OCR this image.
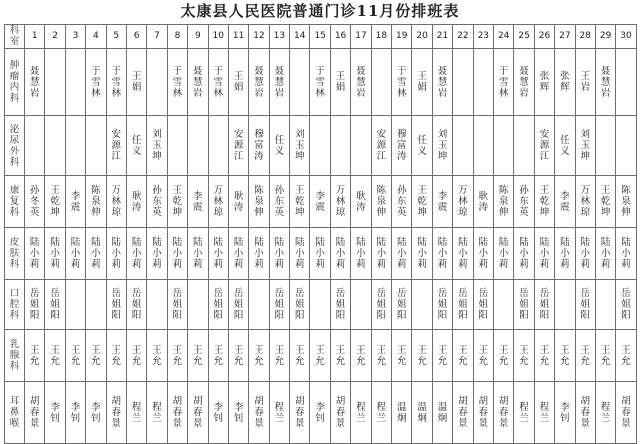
太康县人民医院普通门诊11月份排班表
科室	1	2	3	4	5	6	7	8	9	10	11	12	13	14	15	16	17	18	19	20	21	22	23	24	25	26	27	28	29	30
肿瘤内科	聂慧岩			于雪林	于雪林	王娟		于雪林	聂慧岩	于雪林	王娟	聂慧岩	聂慧岩		于雪林	王娟	聂慧岩		于雪林	王娟	聂慧岩			于雪林	聂慧岩	张辉	张辉	王岩	聂慧岩	
泌尿外科					安源江	任义	刘玉坤				安源江	穆富涛	任义	刘玉坤				安源江	穆富涛	任义	刘玉坤					安源江	任义	刘玉坤		
康复科	孙冬英	王乾坤	李震	陈泉伸	万林琼	耿涛	孙东英	王乾坤	李震	万林琼	耿涛	陈泉伸	孙东英	王乾坤	李震	万林琼	耿涛	陈泉伸	孙东英	王乾坤	李震	万林琼	耿涛	陈泉伸	孙东英	王乾坤	李震	万林琼	王乾坤	陈泉伸
皮肤科	陆小莉	陆小莉	陆小莉	陆小莉	陆小莉	陆小莉	陆小莉	陆小莉	陆小莉	陆小莉	陆小莉	陆小莉	陆小莉	陆小莉	陆小莉	陆小莉	陆小莉	陆小莉	陆小莉	陆小莉	陆小莉	陆小莉	陆小莉	陆小莉	陆小莉	陆小莉	陆小莉	陆小莉	陆小莉	陆小莉
口腔科	岳姐阳	岳姐阳			岳姐阳	岳姐阳		岳姐阳		岳姐阳	岳姐阳		岳姐阳	岳姐阳		岳姐阳		岳姐阳	岳姐阳		岳姐阳	岳姐阳	岳姐阳		岳姐阳	岳姐阳		岳姐阳		岳姐阳
乳腺科	王允	王允	王允	王允	王允	王允	王允	王允	王允	王允	王允	王允	王允	王允	王允	王允	王允	王允	王允	王允	王允	王允	王允	王允	王允	王允	王允	王允	王允	王允
耳鼻喉	胡春景	李钊	李钊	李钊	胡春景	程兰	程兰	胡春景	胡春景	李钊	李钊	胡春景	程兰	胡春景	李钊	胡春景	程兰	程兰	温炯	温炯	温炯	胡春景	胡春景	胡春景	程兰	程兰	李钊	胡春景	程兰	胡春景
